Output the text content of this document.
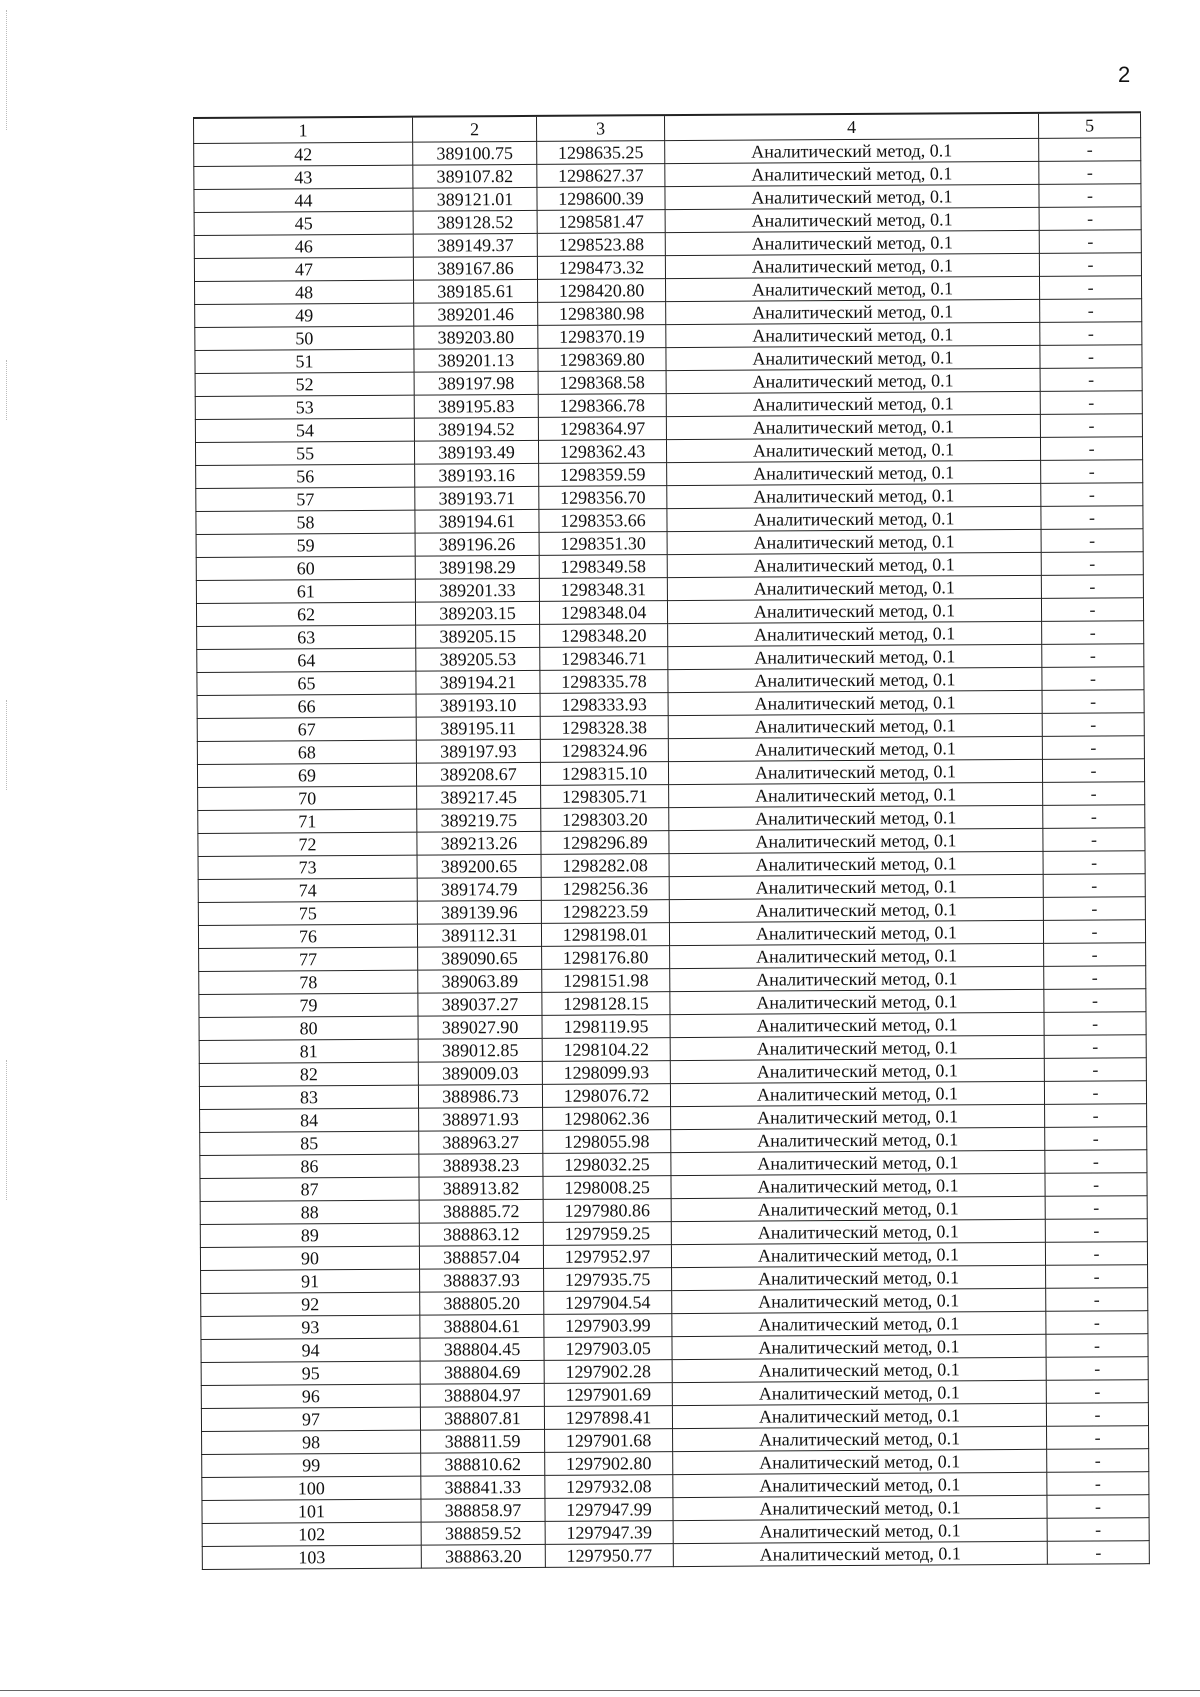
2
1	2	3	4	5
42	389100.75	1298635.25	Аналитический метод, 0.1	-
43	389107.82	1298627.37	Аналитический метод, 0.1	-
44	389121.01	1298600.39	Аналитический метод, 0.1	-
45	389128.52	1298581.47	Аналитический метод, 0.1	-
46	389149.37	1298523.88	Аналитический метод, 0.1	-
47	389167.86	1298473.32	Аналитический метод, 0.1	-
48	389185.61	1298420.80	Аналитический метод, 0.1	-
49	389201.46	1298380.98	Аналитический метод, 0.1	-
50	389203.80	1298370.19	Аналитический метод, 0.1	-
51	389201.13	1298369.80	Аналитический метод, 0.1	-
52	389197.98	1298368.58	Аналитический метод, 0.1	-
53	389195.83	1298366.78	Аналитический метод, 0.1	-
54	389194.52	1298364.97	Аналитический метод, 0.1	-
55	389193.49	1298362.43	Аналитический метод, 0.1	-
56	389193.16	1298359.59	Аналитический метод, 0.1	-
57	389193.71	1298356.70	Аналитический метод, 0.1	-
58	389194.61	1298353.66	Аналитический метод, 0.1	-
59	389196.26	1298351.30	Аналитический метод, 0.1	-
60	389198.29	1298349.58	Аналитический метод, 0.1	-
61	389201.33	1298348.31	Аналитический метод, 0.1	-
62	389203.15	1298348.04	Аналитический метод, 0.1	-
63	389205.15	1298348.20	Аналитический метод, 0.1	-
64	389205.53	1298346.71	Аналитический метод, 0.1	-
65	389194.21	1298335.78	Аналитический метод, 0.1	-
66	389193.10	1298333.93	Аналитический метод, 0.1	-
67	389195.11	1298328.38	Аналитический метод, 0.1	-
68	389197.93	1298324.96	Аналитический метод, 0.1	-
69	389208.67	1298315.10	Аналитический метод, 0.1	-
70	389217.45	1298305.71	Аналитический метод, 0.1	-
71	389219.75	1298303.20	Аналитический метод, 0.1	-
72	389213.26	1298296.89	Аналитический метод, 0.1	-
73	389200.65	1298282.08	Аналитический метод, 0.1	-
74	389174.79	1298256.36	Аналитический метод, 0.1	-
75	389139.96	1298223.59	Аналитический метод, 0.1	-
76	389112.31	1298198.01	Аналитический метод, 0.1	-
77	389090.65	1298176.80	Аналитический метод, 0.1	-
78	389063.89	1298151.98	Аналитический метод, 0.1	-
79	389037.27	1298128.15	Аналитический метод, 0.1	-
80	389027.90	1298119.95	Аналитический метод, 0.1	-
81	389012.85	1298104.22	Аналитический метод, 0.1	-
82	389009.03	1298099.93	Аналитический метод, 0.1	-
83	388986.73	1298076.72	Аналитический метод, 0.1	-
84	388971.93	1298062.36	Аналитический метод, 0.1	-
85	388963.27	1298055.98	Аналитический метод, 0.1	-
86	388938.23	1298032.25	Аналитический метод, 0.1	-
87	388913.82	1298008.25	Аналитический метод, 0.1	-
88	388885.72	1297980.86	Аналитический метод, 0.1	-
89	388863.12	1297959.25	Аналитический метод, 0.1	-
90	388857.04	1297952.97	Аналитический метод, 0.1	-
91	388837.93	1297935.75	Аналитический метод, 0.1	-
92	388805.20	1297904.54	Аналитический метод, 0.1	-
93	388804.61	1297903.99	Аналитический метод, 0.1	-
94	388804.45	1297903.05	Аналитический метод, 0.1	-
95	388804.69	1297902.28	Аналитический метод, 0.1	-
96	388804.97	1297901.69	Аналитический метод, 0.1	-
97	388807.81	1297898.41	Аналитический метод, 0.1	-
98	388811.59	1297901.68	Аналитический метод, 0.1	-
99	388810.62	1297902.80	Аналитический метод, 0.1	-
100	388841.33	1297932.08	Аналитический метод, 0.1	-
101	388858.97	1297947.99	Аналитический метод, 0.1	-
102	388859.52	1297947.39	Аналитический метод, 0.1	-
103	388863.20	1297950.77	Аналитический метод, 0.1	-
